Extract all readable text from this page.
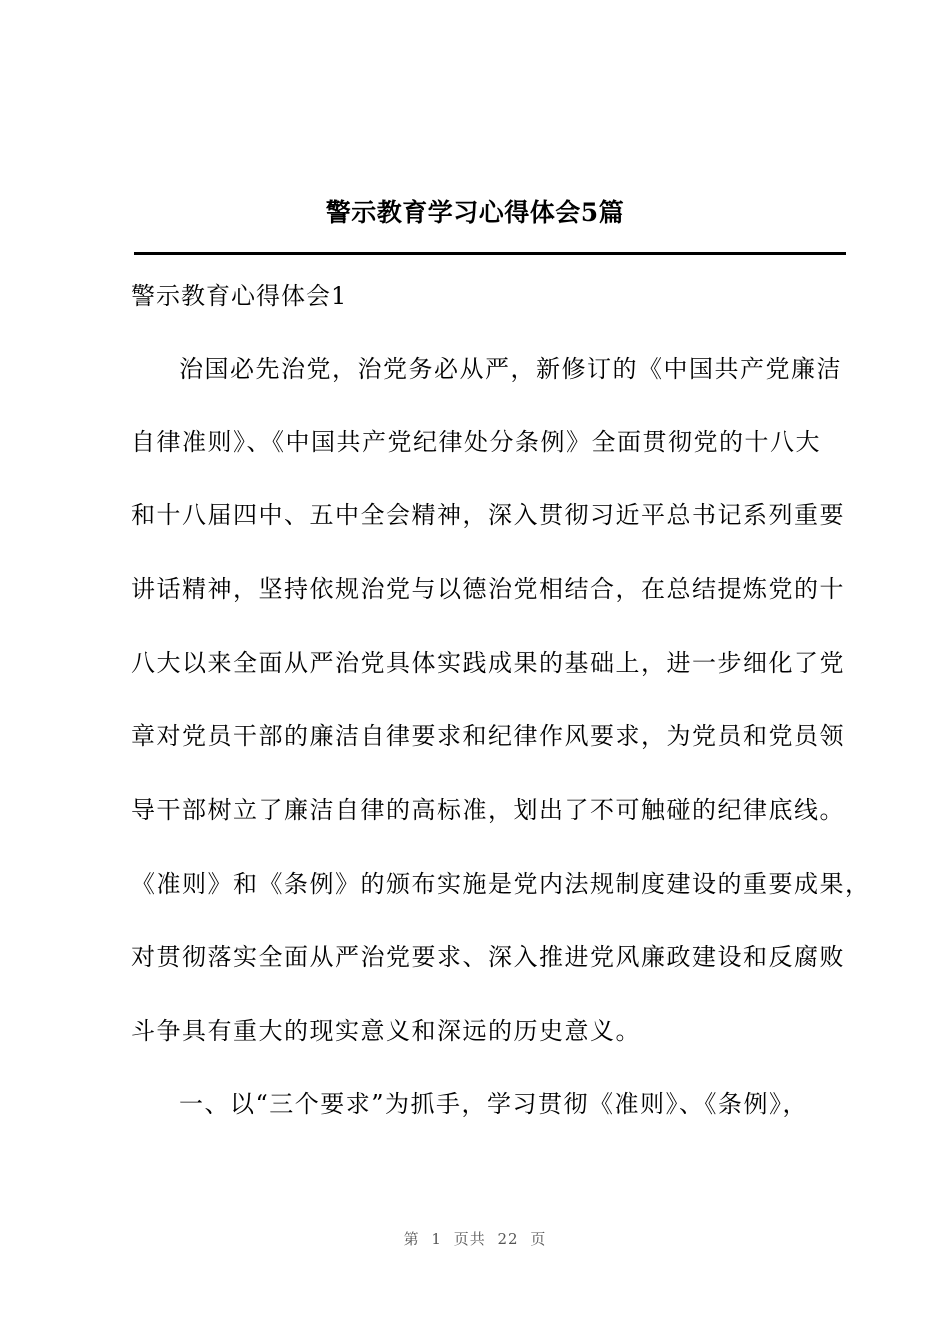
警示教育学习心得体会5篇

警示教育心得体会1

治国必先治党，治党务必从严，新修订的《中国共产党廉洁

自律准则》、《中国共产党纪律处分条例》全面贯彻党的十八大

和十八届四中、五中全会精神，深入贯彻习近平总书记系列重要

讲话精神，坚持依规治党与以德治党相结合，在总结提炼党的十

八大以来全面从严治党具体实践成果的基础上，进一步细化了党

章对党员干部的廉洁自律要求和纪律作风要求，为党员和党员领

导干部树立了廉洁自律的高标准，划出了不可触碰的纪律底线。

《准则》和《条例》的颁布实施是党内法规制度建设的重要成果，

对贯彻落实全面从严治党要求、深入推进党风廉政建设和反腐败

斗争具有重大的现实意义和深远的历史意义。

一、以“三个要求”为抓手，学习贯彻《准则》、《条例》，

第 1 页共 22 页
